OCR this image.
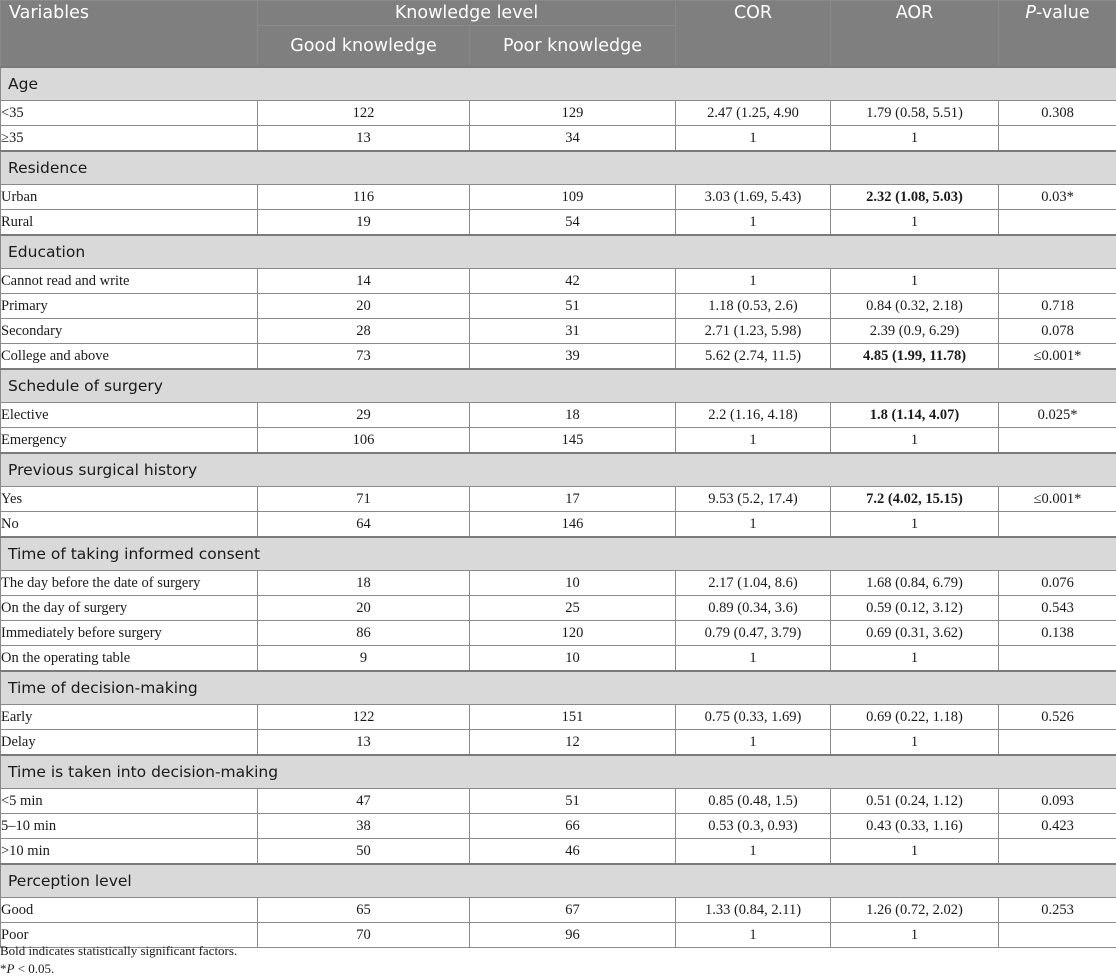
Variables	Knowledge level		COR	AOR	P-value
	Good knowledge	Poor knowledge			
Age					
<35	122	129	2.47 (1.25, 4.90	1.79 (0.58, 5.51)	0.308
≥35	13	34	1	1	
Residence					
Urban	116	109	3.03 (1.69, 5.43)	2.32 (1.08, 5.03)	0.03*
Rural	19	54	1	1	
Education					
Cannot read and write	14	42	1	1	
Primary	20	51	1.18 (0.53, 2.6)	0.84 (0.32, 2.18)	0.718
Secondary	28	31	2.71 (1.23, 5.98)	2.39 (0.9, 6.29)	0.078
College and above	73	39	5.62 (2.74, 11.5)	4.85 (1.99, 11.78)	≤0.001*
Schedule of surgery					
Elective	29	18	2.2 (1.16, 4.18)	1.8 (1.14, 4.07)	0.025*
Emergency	106	145	1	1	
Previous surgical history					
Yes	71	17	9.53 (5.2, 17.4)	7.2 (4.02, 15.15)	≤0.001*
No	64	146	1	1	
Time of taking informed consent					
The day before the date of surgery	18	10	2.17 (1.04, 8.6)	1.68 (0.84, 6.79)	0.076
On the day of surgery	20	25	0.89 (0.34, 3.6)	0.59 (0.12, 3.12)	0.543
Immediately before surgery	86	120	0.79 (0.47, 3.79)	0.69 (0.31, 3.62)	0.138
On the operating table	9	10	1	1	
Time of decision-making					
Early	122	151	0.75 (0.33, 1.69)	0.69 (0.22, 1.18)	0.526
Delay	13	12	1	1	
Time is taken into decision-making					
<5 min	47	51	0.85 (0.48, 1.5)	0.51 (0.24, 1.12)	0.093
5–10 min	38	66	0.53 (0.3, 0.93)	0.43 (0.33, 1.16)	0.423
>10 min	50	46	1	1	
Perception level					
Good	65	67	1.33 (0.84, 2.11)	1.26 (0.72, 2.02)	0.253
Poor	70	96	1	1	
Bold indicates statistically significant factors.
*P < 0.05.
